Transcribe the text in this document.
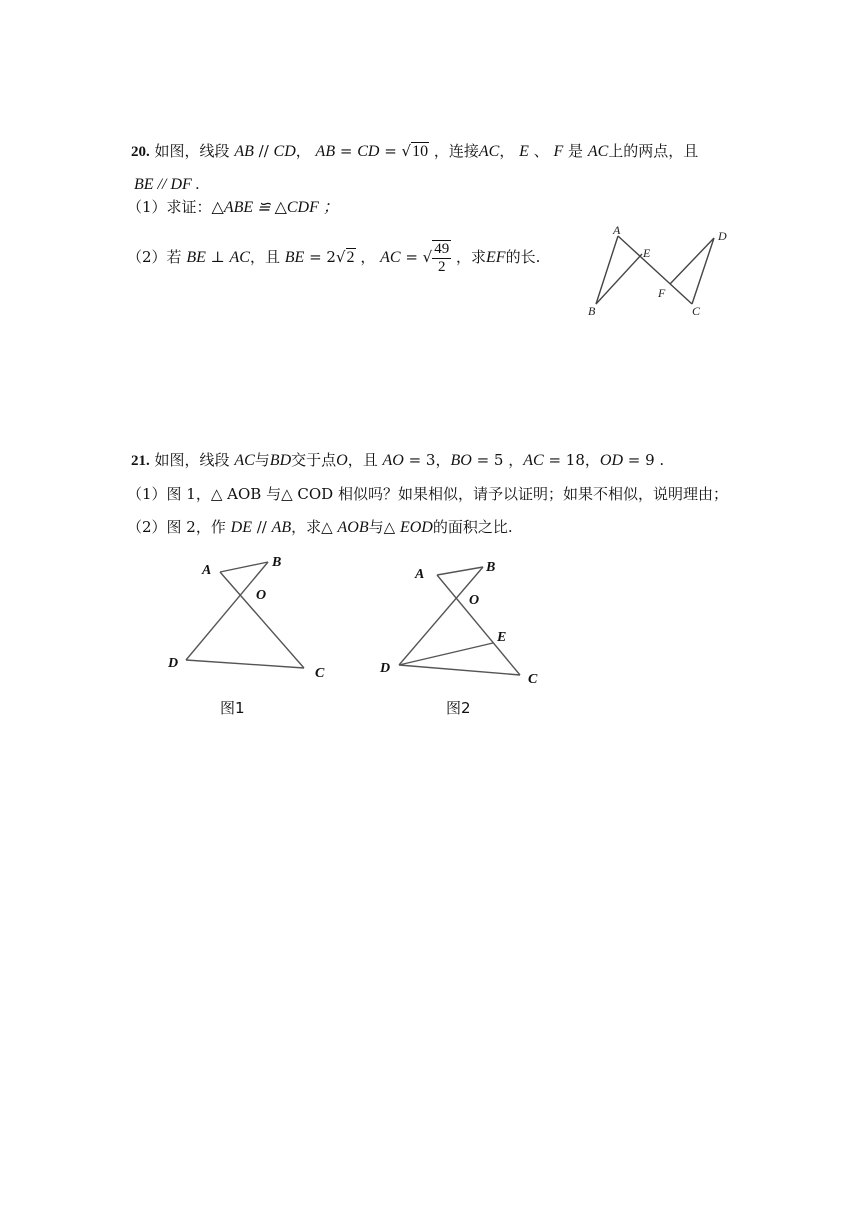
20. 如图，线段 AB // CD， AB = CD = √10 ，连接AC， E 、 F 是 AC上的两点，且
BE // DF .
（1）求证：△ABE ≌ △CDF ；
（2）若 BE ⊥ AC，且 BE = 2√2 ， AC = √ $\frac{49}{2}$ ，求EF的长.
A
B	C
D
E
F
21. 如图，线段 AC与BD交于点O，且 AO = 3，BO = 5 ，AC = 18，OD = 9 .
（1）图 1，△ AOB 与△ COD 相似吗？如果相似，请予以证明；如果不相似，说明理由；
（2）图 2，作 DE // AB，求△ AOB与△ EOD的面积之比.
A
B
O
D
C
A	B
O
E
D
C
图1	图2
